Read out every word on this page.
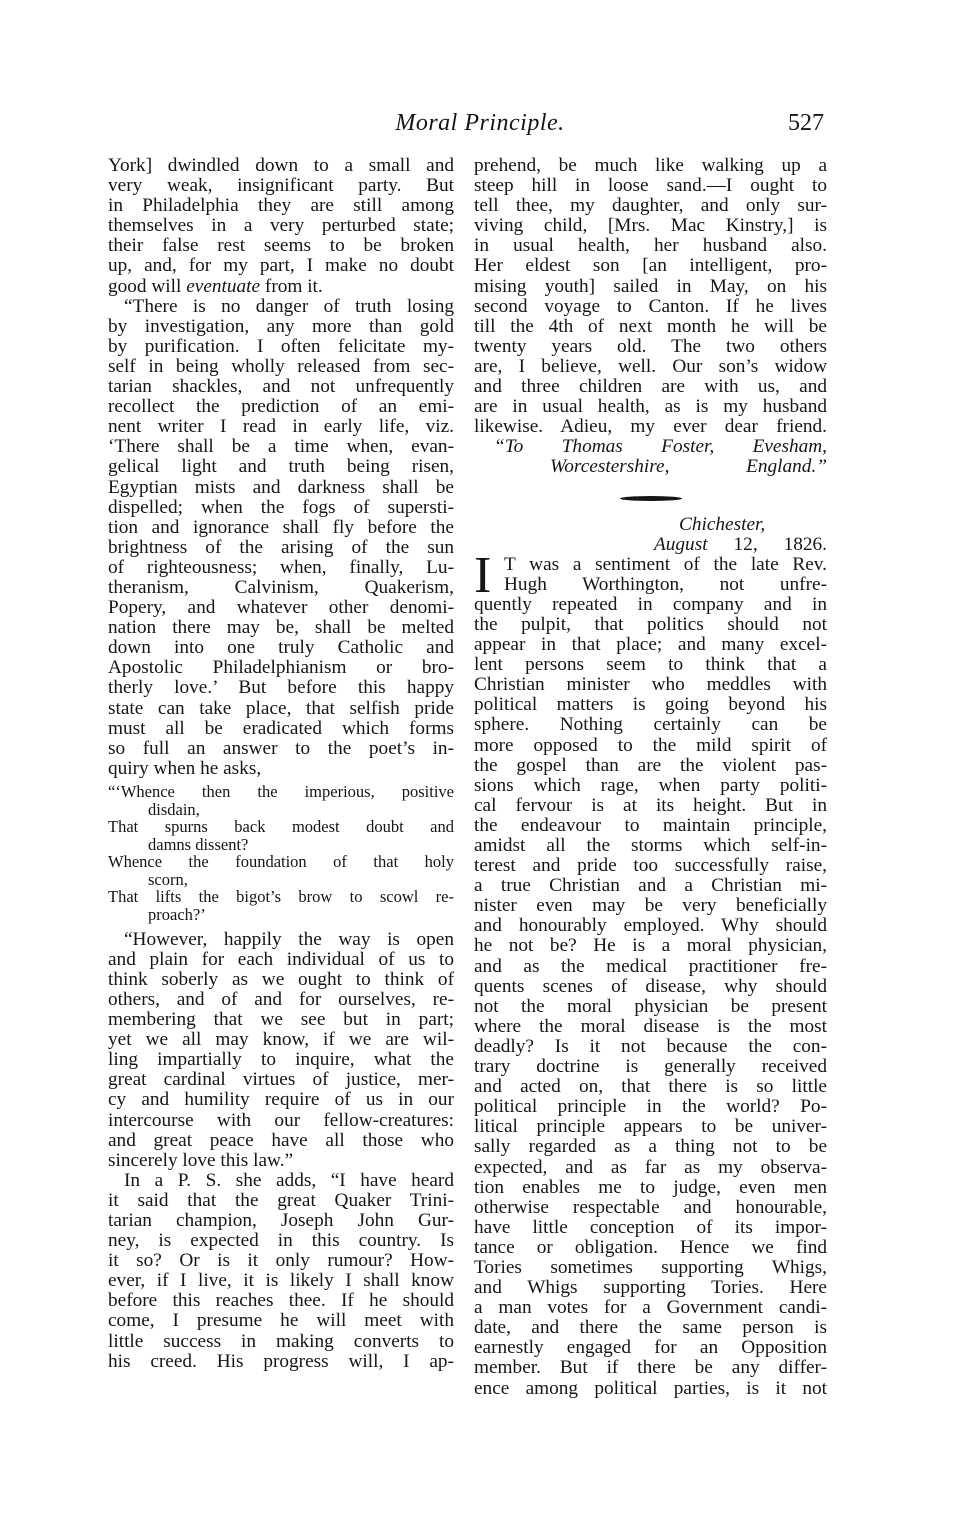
Moral Principle.	527
York] dwindled down to a small and
very weak, insignificant party. But
in Philadelphia they are still among
themselves in a very perturbed state;
their false rest seems to be broken
up, and, for my part, I make no doubt
good will eventuate from it.
“There is no danger of truth losing
by investigation, any more than gold
by purification. I often felicitate my-
self in being wholly released from sec-
tarian shackles, and not unfrequently
recollect the prediction of an emi-
nent writer I read in early life, viz.
‘There shall be a time when, evan-
gelical light and truth being risen,
Egyptian mists and darkness shall be
dispelled; when the fogs of supersti-
tion and ignorance shall fly before the
brightness of the arising of the sun
of righteousness; when, finally, Lu-
theranism, Calvinism, Quakerism,
Popery, and whatever other denomi-
nation there may be, shall be melted
down into one truly Catholic and
Apostolic Philadelphianism or bro-
therly love.’ But before this happy
state can take place, that selfish pride
must all be eradicated which forms
so full an answer to the poet’s in-
quiry when he asks,
“‘Whence then the imperious, positive
disdain,
That spurns back modest doubt and
damns dissent?
Whence the foundation of that holy
scorn,
That lifts the bigot’s brow to scowl re-
proach?’
“However, happily the way is open
and plain for each individual of us to
think soberly as we ought to think of
others, and of and for ourselves, re-
membering that we see but in part;
yet we all may know, if we are wil-
ling impartially to inquire, what the
great cardinal virtues of justice, mer-
cy and humility require of us in our
intercourse with our fellow-creatures:
and great peace have all those who
sincerely love this law.”
In a P. S. she adds, “I have heard
it said that the great Quaker Trini-
tarian champion, Joseph John Gur-
ney, is expected in this country. Is
it so? Or is it only rumour? How-
ever, if I live, it is likely I shall know
before this reaches thee. If he should
come, I presume he will meet with
little success in making converts to
his creed. His progress will, I ap-
prehend, be much like walking up a
steep hill in loose sand.—I ought to
tell thee, my daughter, and only sur-
viving child, [Mrs. Mac Kinstry,] is
in usual health, her husband also.
Her eldest son [an intelligent, pro-
mising youth] sailed in May, on his
second voyage to Canton. If he lives
till the 4th of next month he will be
twenty years old. The two others
are, I believe, well. Our son’s widow
and three children are with us, and
are in usual health, as is my husband
likewise. Adieu, my ever dear friend.
“To Thomas Foster, Evesham,
Worcestershire, England.”
Chichester,
August 12, 1826.
I T was a sentiment of the late Rev.
Hugh Worthington, not unfre-
quently repeated in company and in
the pulpit, that politics should not
appear in that place; and many excel-
lent persons seem to think that a
Christian minister who meddles with
political matters is going beyond his
sphere. Nothing certainly can be
more opposed to the mild spirit of
the gospel than are the violent pas-
sions which rage, when party politi-
cal fervour is at its height. But in
the endeavour to maintain principle,
amidst all the storms which self-in-
terest and pride too successfully raise,
a true Christian and a Christian mi-
nister even may be very beneficially
and honourably employed. Why should
he not be? He is a moral physician,
and as the medical practitioner fre-
quents scenes of disease, why should
not the moral physician be present
where the moral disease is the most
deadly? Is it not because the con-
trary doctrine is generally received
and acted on, that there is so little
political principle in the world? Po-
litical principle appears to be univer-
sally regarded as a thing not to be
expected, and as far as my observa-
tion enables me to judge, even men
otherwise respectable and honourable,
have little conception of its impor-
tance or obligation. Hence we find
Tories sometimes supporting Whigs,
and Whigs supporting Tories. Here
a man votes for a Government candi-
date, and there the same person is
earnestly engaged for an Opposition
member. But if there be any differ-
ence among political parties, is it not
